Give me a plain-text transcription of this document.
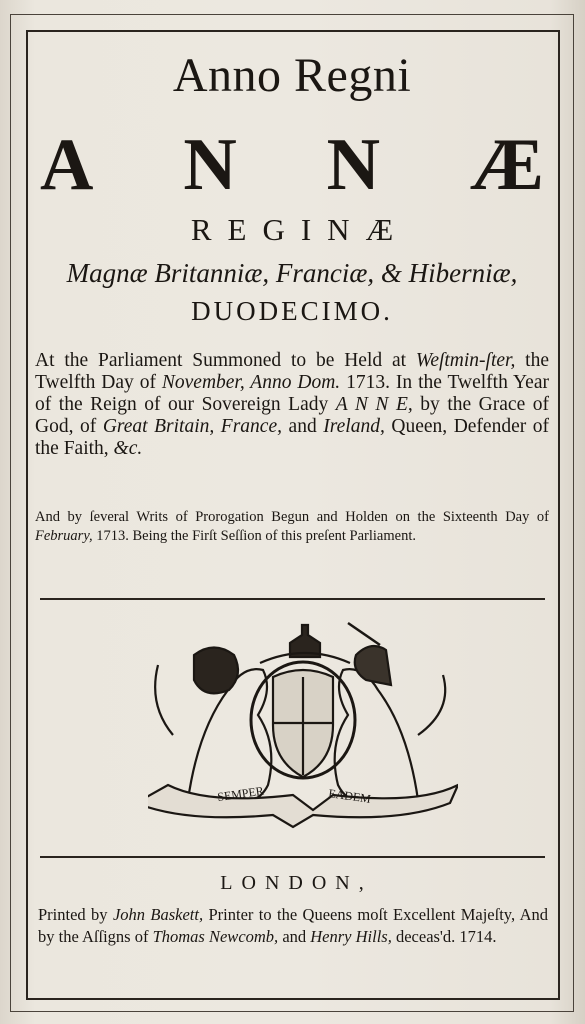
Anno Regni
A N N Æ
REGINÆ
Magnæ Britanniæ, Franciæ, & Hiberniæ,
DUODECIMO.
At the Parliament Summoned to be Held at Weſtmin-ſter, the Twelfth Day of November, Anno Dom. 1713. In the Twelfth Year of the Reign of our Sovereign Lady A N N E, by the Grace of God, of Great Britain, France, and Ireland, Queen, Defender of the Faith, &c.
And by ſeveral Writs of Prorogation Begun and Holden on the Sixteenth Day of February, 1713. Being the Firſt Seſſion of this preſent Parliament.
SEMPER	EADEM
LONDON,
Printed by John Baskett, Printer to the Queens moſt Excellent Majeſty, And by the Aſſigns of Thomas Newcomb, and Henry Hills, deceas'd. 1714.
